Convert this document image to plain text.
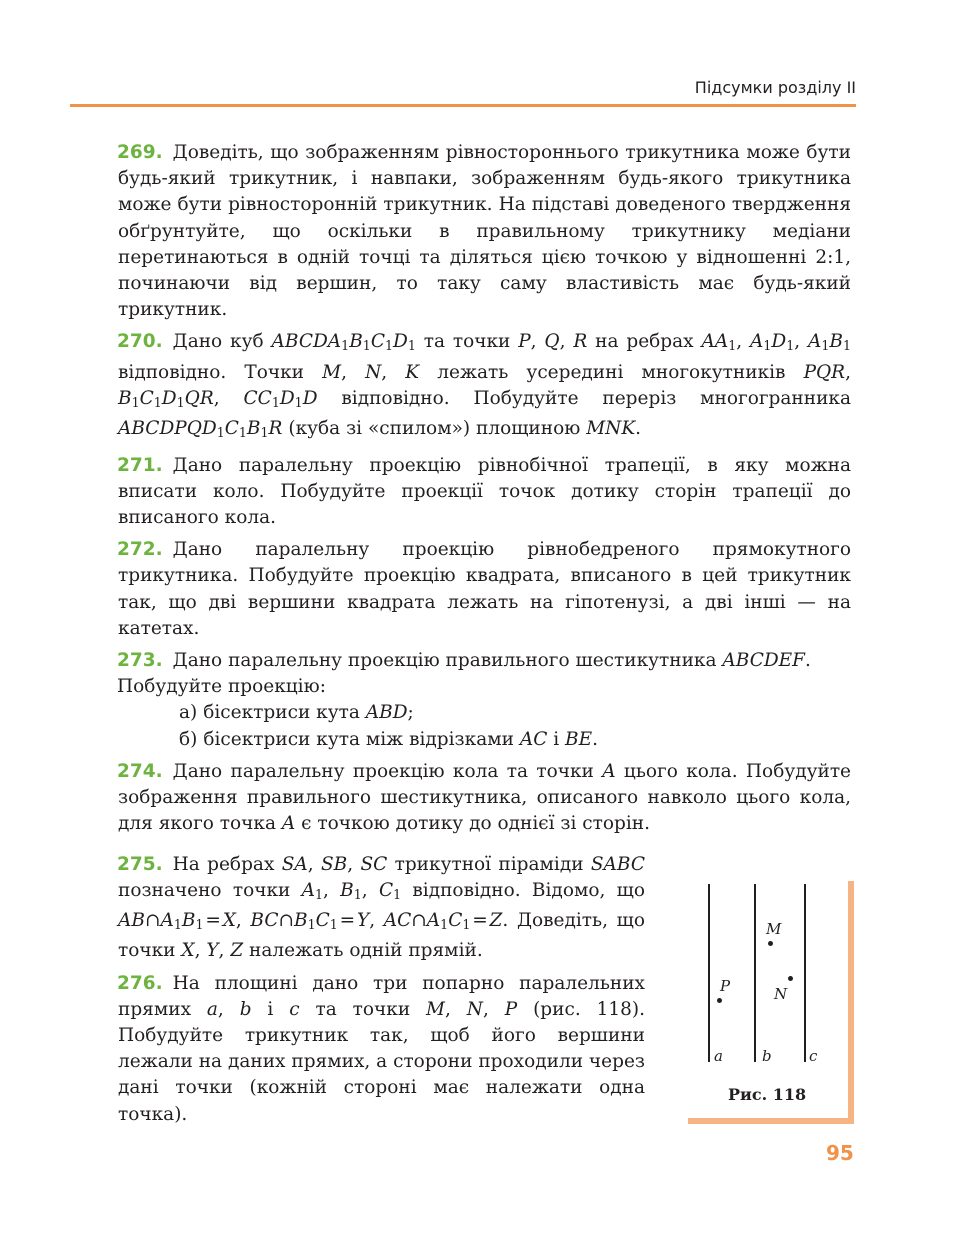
Підсумки розділу II

269. Доведіть, що зображенням рівностороннього трикутника може бути будь-який трикутник, і навпаки, зображенням будь-якого трикутника може бути рівносторонній трикутник. На підставі доведеного твердження обґрунтуйте, що оскільки в правильному трикутнику медіани перетинаються в одній точці та діляться цією точкою у відношенні 2:1, починаючи від вершин, то таку саму властивість має будь-який трикутник.

270. Дано куб $ABCDA_1B_1C_1D_1$ та точки P, Q, R на ребрах $AA_1$, $A_1D_1$, $A_1B_1$ відповідно. Точки M, N, K лежать усередині многокутників PQR, $B_1C_1D_1QR$, $CC_1D_1D$ відповідно. Побудуйте переріз многогранника $ABCDPQD_1C_1B_1R$ (куба зі «спилом») площиною MNK.

271. Дано паралельну проекцію рівнобічної трапеції, в яку можна вписати коло. Побудуйте проекції точок дотику сторін трапеції до вписаного кола.

272. Дано паралельну проекцію рівнобедреного прямокутного трикутника. Побудуйте проекцію квадрата, вписаного в цей трикутник так, що дві вершини квадрата лежать на гіпотенузі, а дві інші — на катетах.

273. Дано паралельну проекцію правильного шестикутника ABCDEF.
Побудуйте проекцію:
а) бісектриси кута ABD;
б) бісектриси кута між відрізками AC і BE.

274. Дано паралельну проекцію кола та точки A цього кола. Побудуйте зображення правильного шестикутника, описаного навколо цього кола, для якого точка A є точкою дотику до однієї зі сторін.

275. На ребрах SA, SB, SC трикутної піраміди SABC позначено точки $A_1$, $B_1$, $C_1$ відповідно. Відомо, що $AB\cap A_1B_1$ = X, $BC\cap B_1C_1$ = Y, $AC\cap A_1C_1$ = Z. Доведіть, що точки X, Y, Z належать одній прямій.

276. На площині дано три попарно паралельних прямих a, b і c та точки M, N, P (рис. 118). Побудуйте трикутник так, щоб його вершини лежали на даних прямих, а сторони проходили через дані точки (кожній стороні має належати одна точка).

a	b c
P
M
N
Рис. 118
95
